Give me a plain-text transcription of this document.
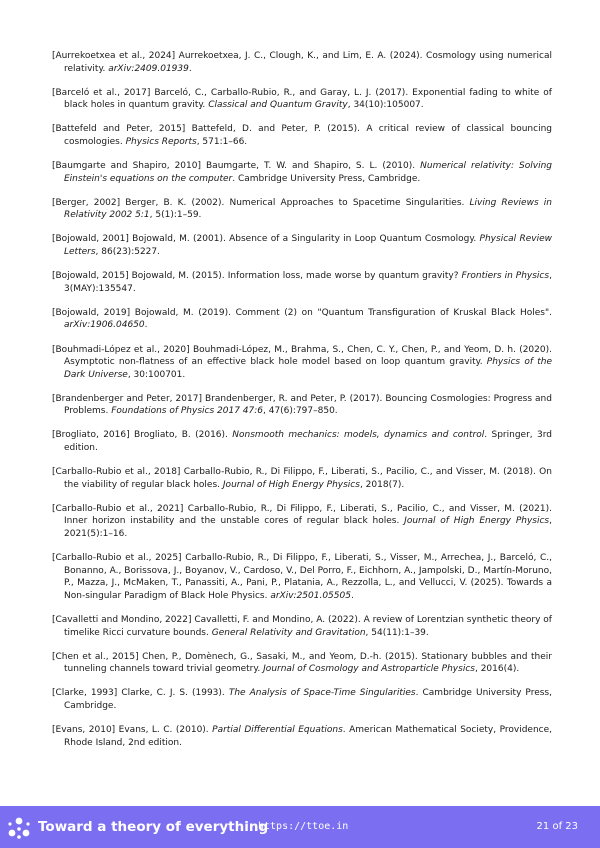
[Aurrekoetxea et al., 2024] Aurrekoetxea, J. C., Clough, K., and Lim, E. A. (2024). Cosmology using numerical relativity. arXiv:2409.01939.
[Barceló et al., 2017] Barceló, C., Carballo-Rubio, R., and Garay, L. J. (2017). Exponential fading to white of black holes in quantum gravity. Classical and Quantum Gravity, 34(10):105007.
[Battefeld and Peter, 2015] Battefeld, D. and Peter, P. (2015). A critical review of classical bouncing cosmologies. Physics Reports, 571:1–66.
[Baumgarte and Shapiro, 2010] Baumgarte, T. W. and Shapiro, S. L. (2010). Numerical relativity: Solving Einstein's equations on the computer. Cambridge University Press, Cambridge.
[Berger, 2002] Berger, B. K. (2002). Numerical Approaches to Spacetime Singularities. Living Reviews in Relativity 2002 5:1, 5(1):1–59.
[Bojowald, 2001] Bojowald, M. (2001). Absence of a Singularity in Loop Quantum Cosmology. Physical Review Letters, 86(23):5227.
[Bojowald, 2015] Bojowald, M. (2015). Information loss, made worse by quantum gravity? Frontiers in Physics, 3(MAY):135547.
[Bojowald, 2019] Bojowald, M. (2019). Comment (2) on "Quantum Transfiguration of Kruskal Black Holes". arXiv:1906.04650.
[Bouhmadi-López et al., 2020] Bouhmadi-López, M., Brahma, S., Chen, C. Y., Chen, P., and Yeom, D. h. (2020). Asymptotic non-flatness of an effective black hole model based on loop quantum gravity. Physics of the Dark Universe, 30:100701.
[Brandenberger and Peter, 2017] Brandenberger, R. and Peter, P. (2017). Bouncing Cosmologies: Progress and Problems. Foundations of Physics 2017 47:6, 47(6):797–850.
[Brogliato, 2016] Brogliato, B. (2016). Nonsmooth mechanics: models, dynamics and control. Springer, 3rd edition.
[Carballo-Rubio et al., 2018] Carballo-Rubio, R., Di Filippo, F., Liberati, S., Pacilio, C., and Visser, M. (2018). On the viability of regular black holes. Journal of High Energy Physics, 2018(7).
[Carballo-Rubio et al., 2021] Carballo-Rubio, R., Di Filippo, F., Liberati, S., Pacilio, C., and Visser, M. (2021). Inner horizon instability and the unstable cores of regular black holes. Journal of High Energy Physics, 2021(5):1–16.
[Carballo-Rubio et al., 2025] Carballo-Rubio, R., Di Filippo, F., Liberati, S., Visser, M., Arrechea, J., Barceló, C., Bonanno, A., Borissova, J., Boyanov, V., Cardoso, V., Del Porro, F., Eichhorn, A., Jampolski, D., Martín-Moruno, P., Mazza, J., McMaken, T., Panassiti, A., Pani, P., Platania, A., Rezzolla, L., and Vellucci, V. (2025). Towards a Non-singular Paradigm of Black Hole Physics. arXiv:2501.05505.
[Cavalletti and Mondino, 2022] Cavalletti, F. and Mondino, A. (2022). A review of Lorentzian synthetic theory of timelike Ricci curvature bounds. General Relativity and Gravitation, 54(11):1–39.
[Chen et al., 2015] Chen, P., Domènech, G., Sasaki, M., and Yeom, D.-h. (2015). Stationary bubbles and their tunneling channels toward trivial geometry. Journal of Cosmology and Astroparticle Physics, 2016(4).
[Clarke, 1993] Clarke, C. J. S. (1993). The Analysis of Space-Time Singularities. Cambridge University Press, Cambridge.
[Evans, 2010] Evans, L. C. (2010). Partial Differential Equations. American Mathematical Society, Providence, Rhode Island, 2nd edition.
Toward a theory of everything
https://ttoe.in	21 of 23
